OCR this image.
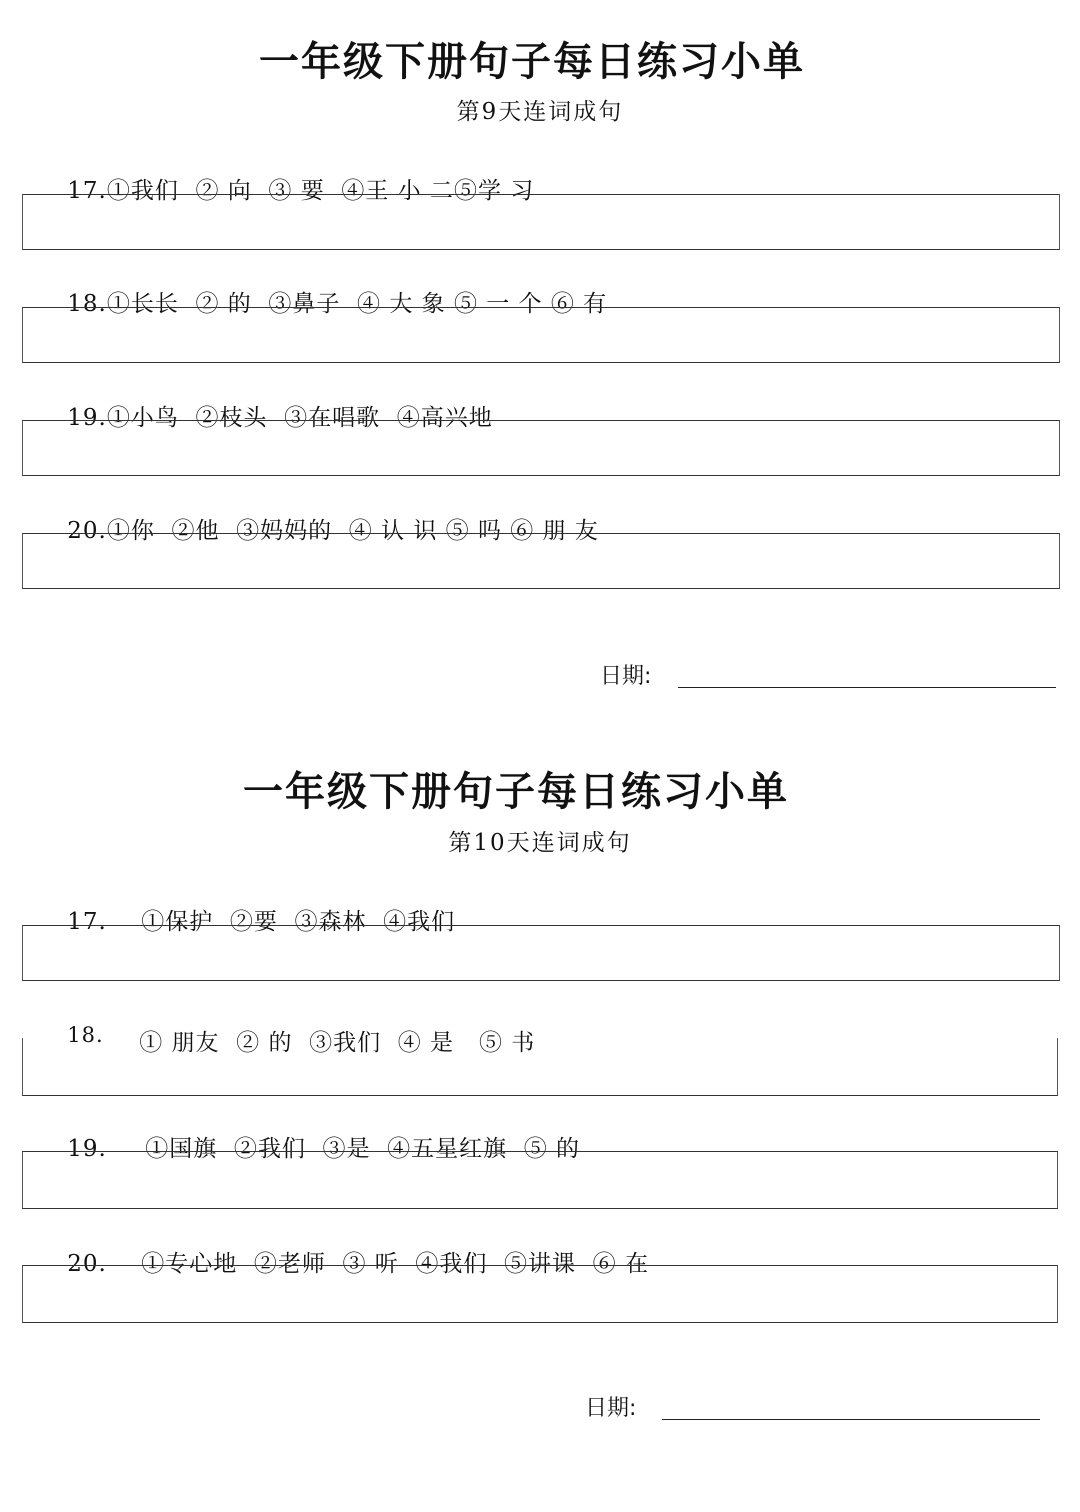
一年级下册句子每日练习小单
第9天连词成句

17.①我们  ② 向  ③ 要  ④王 小 二⑤学 习

18.①长长  ② 的  ③鼻子  ④ 大 象 ⑤ 一 个 ⑥ 有

19.①小鸟  ②枝头  ③在唱歌  ④高兴地

20.①你  ②他  ③妈妈的  ④ 认 识 ⑤ 吗 ⑥ 朋 友

日期:
一年级下册句子每日练习小单
第10天连词成句

17. ①保护  ②要  ③森林  ④我们

18. ① 朋友  ② 的  ③我们  ④ 是   ⑤ 书

19. ①国旗  ②我们  ③是  ④五星红旗  ⑤ 的

20. ①专心地  ②老师  ③ 听  ④我们  ⑤讲课  ⑥ 在

日期:
